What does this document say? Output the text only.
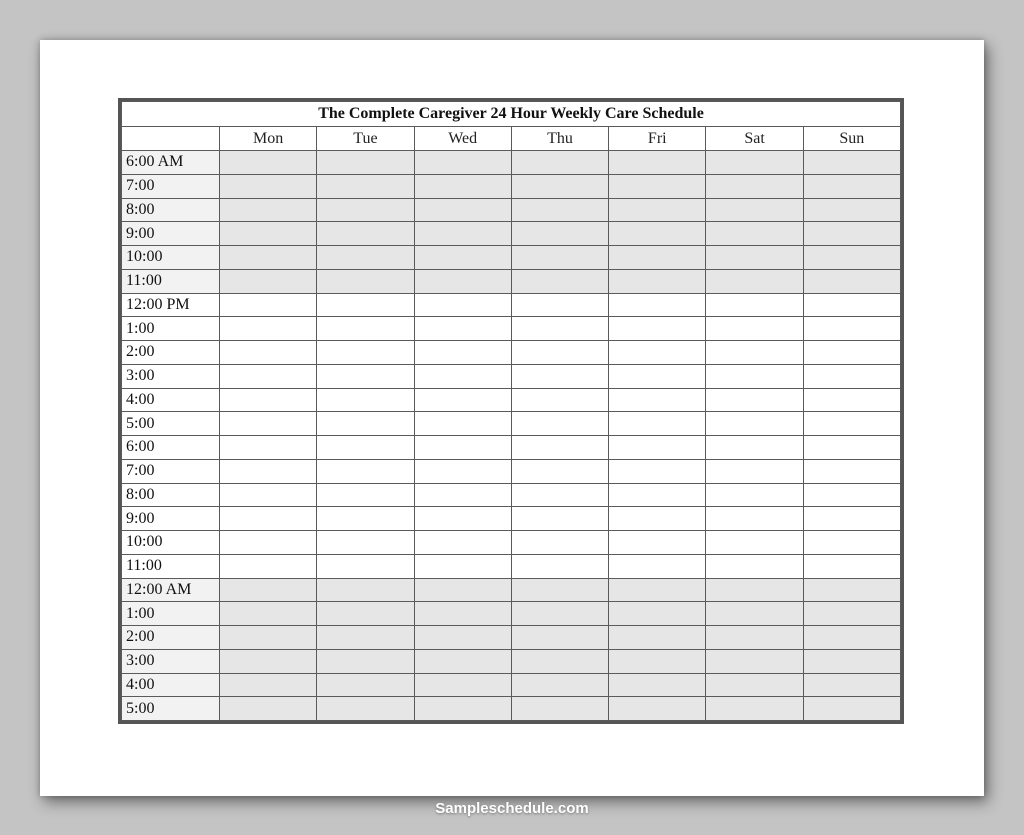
The Complete Caregiver 24 Hour Weekly Care Schedule							
	Mon	Tue	Wed	Thu	Fri	Sat	Sun
6:00 AM							
7:00							
8:00							
9:00							
10:00							
11:00							
12:00 PM							
1:00							
2:00							
3:00							
4:00							
5:00							
6:00							
7:00							
8:00							
9:00							
10:00							
11:00							
12:00 AM							
1:00							
2:00							
3:00							
4:00							
5:00							
Sampleschedule.com
